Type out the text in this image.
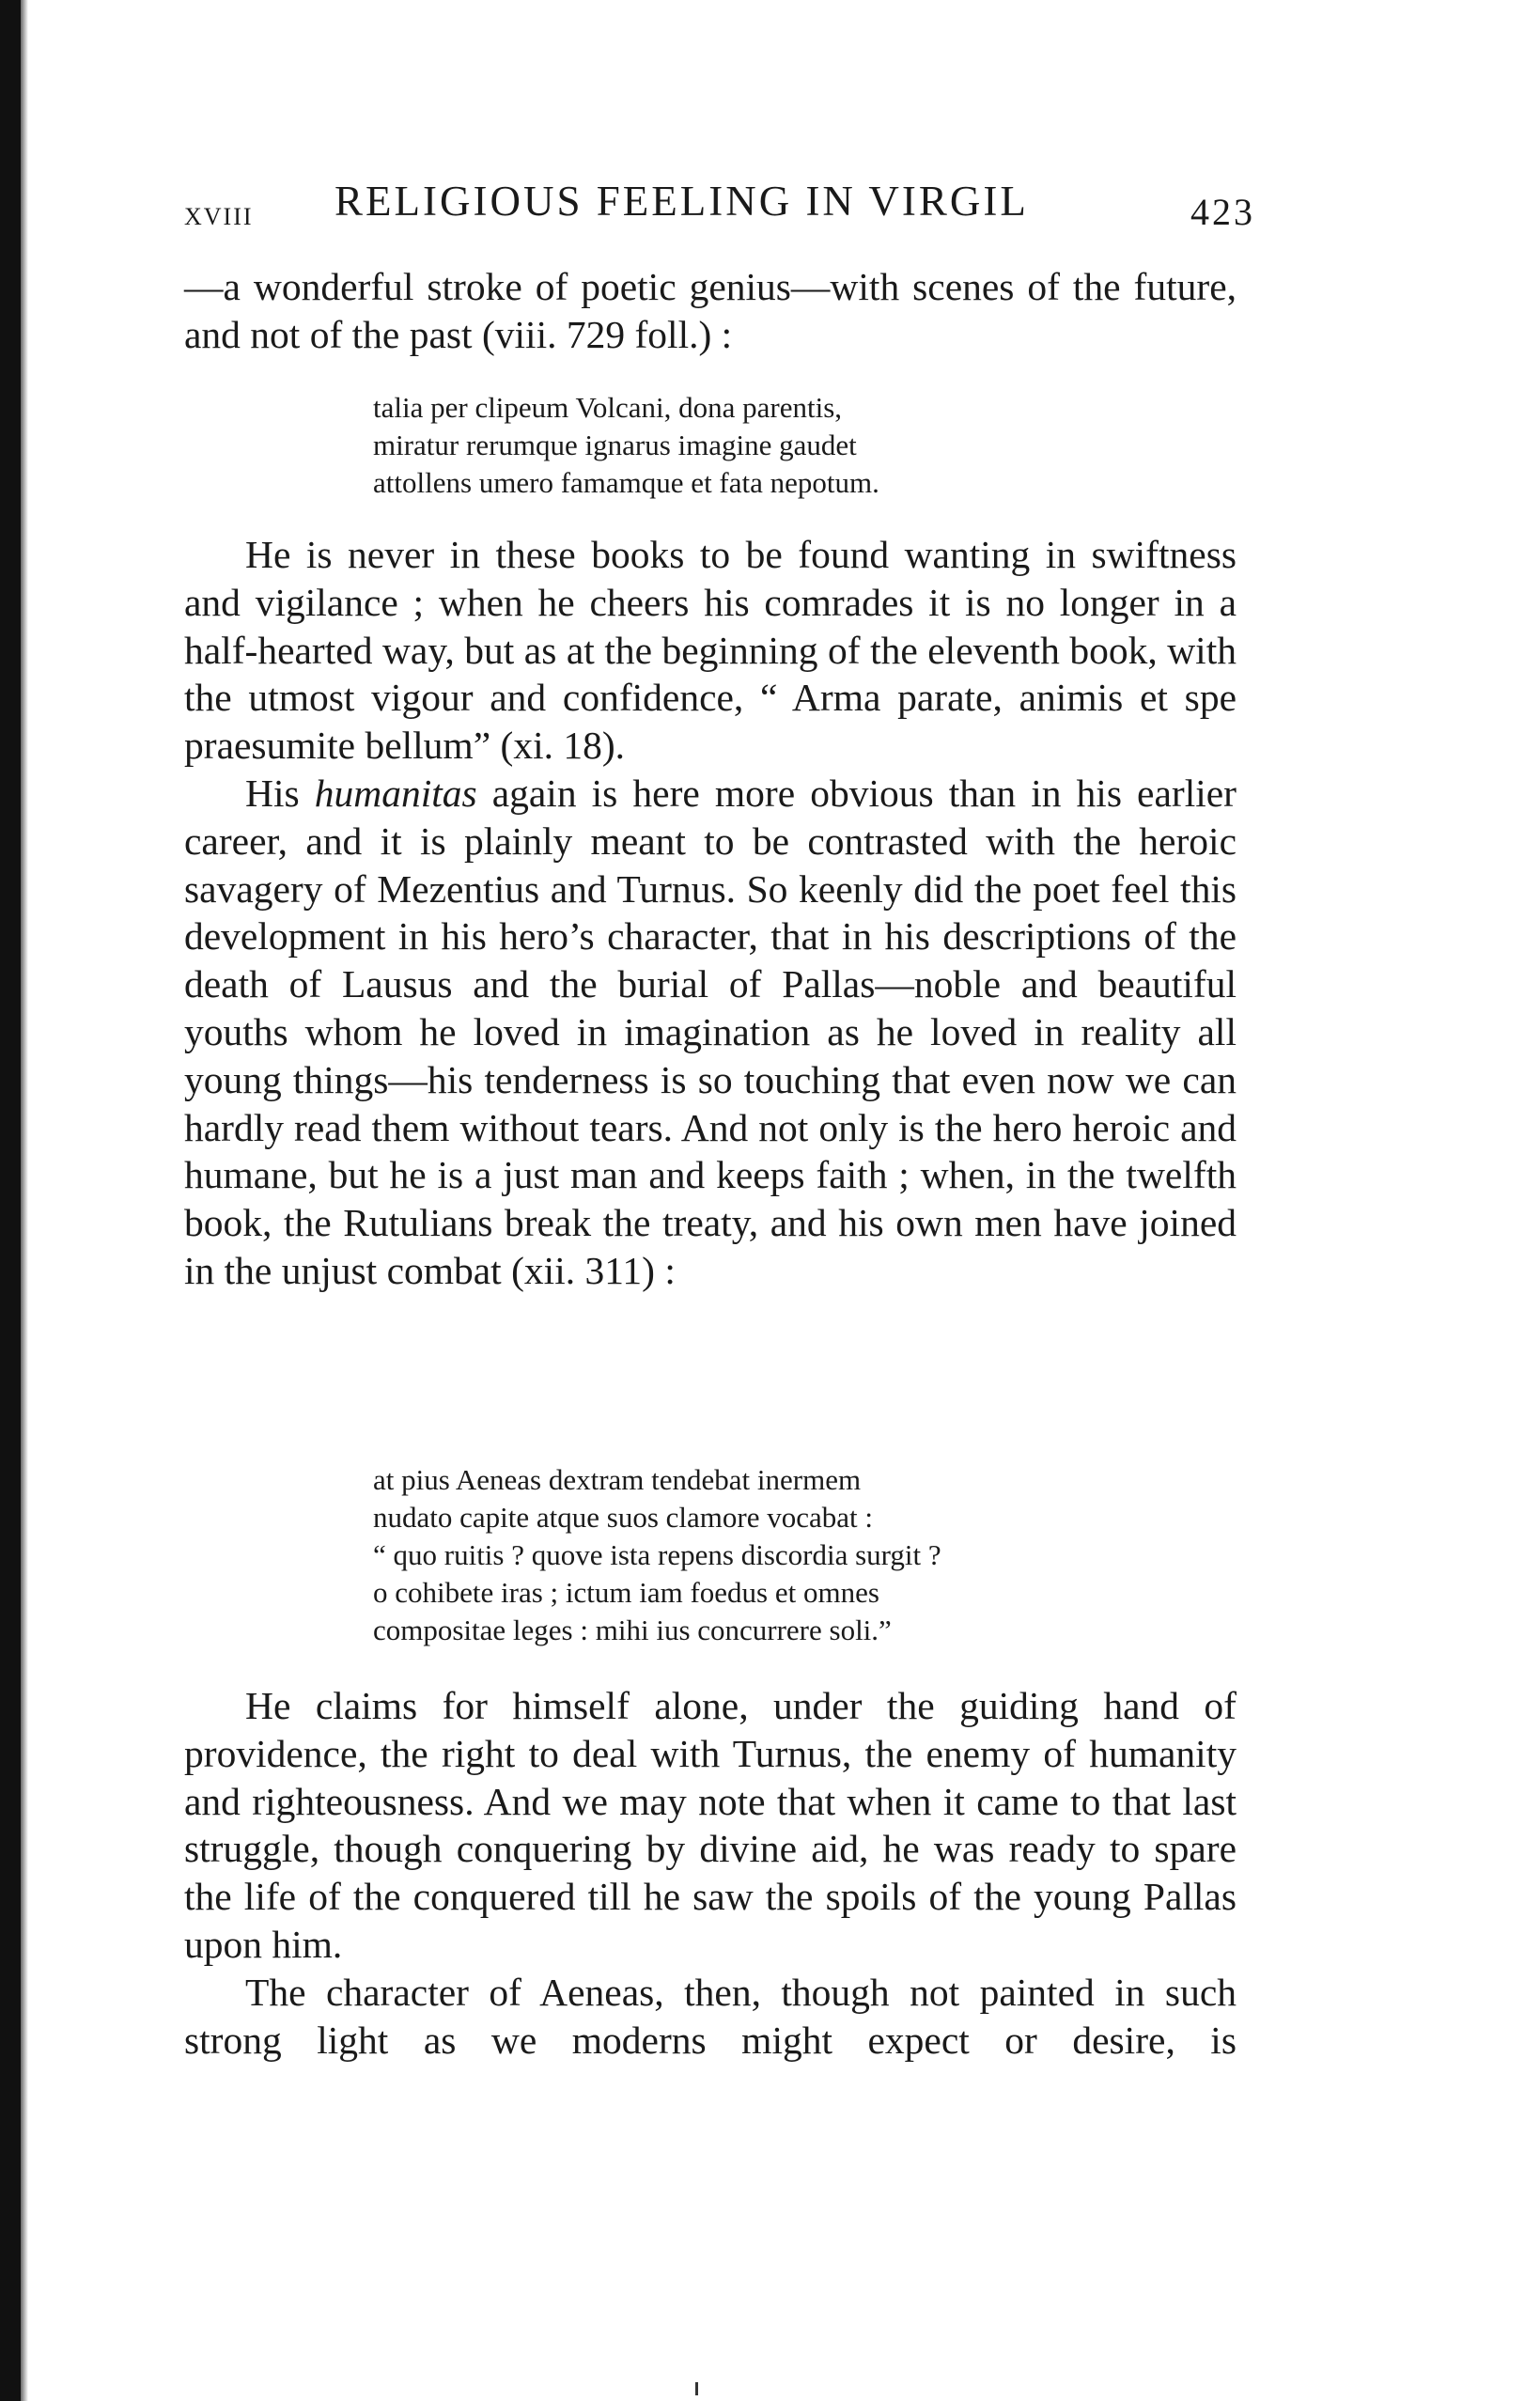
XVIII RELIGIOUS FEELING IN VIRGIL	423

—a wonderful stroke of poetic genius—with scenes of the future, and not of the past (viii. 729 foll.) :

talia per clipeum Volcani, dona parentis,
miratur rerumque ignarus imagine gaudet
attollens umero famamque et fata nepotum.

He is never in these books to be found wanting in swiftness and vigilance ; when he cheers his comrades it is no longer in a half-hearted way, but as at the beginning of the eleventh book, with the utmost vigour and confidence, “ Arma parate, animis et spe praesumite bellum” (xi. 18).

His humanitas again is here more obvious than in his earlier career, and it is plainly meant to be contrasted with the heroic savagery of Mezentius and Turnus. So keenly did the poet feel this development in his hero’s character, that in his descriptions of the death of Lausus and the burial of Pallas—noble and beautiful youths whom he loved in imagination as he loved in reality all young things—his tenderness is so touching that even now we can hardly read them without tears. And not only is the hero heroic and humane, but he is a just man and keeps faith ; when, in the twelfth book, the Rutulians break the treaty, and his own men have joined in the unjust combat (xii. 311) :

at pius Aeneas dextram tendebat inermem
nudato capite atque suos clamore vocabat :
“ quo ruitis ? quove ista repens discordia surgit ?
o cohibete iras ; ictum iam foedus et omnes
compositae leges : mihi ius concurrere soli.”

He claims for himself alone, under the guiding hand of providence, the right to deal with Turnus, the enemy of humanity and righteousness. And we may note that when it came to that last struggle, though conquering by divine aid, he was ready to spare the life of the conquered till he saw the spoils of the young Pallas upon him.

The character of Aeneas, then, though not painted in such strong light as we moderns might expect or desire, is
